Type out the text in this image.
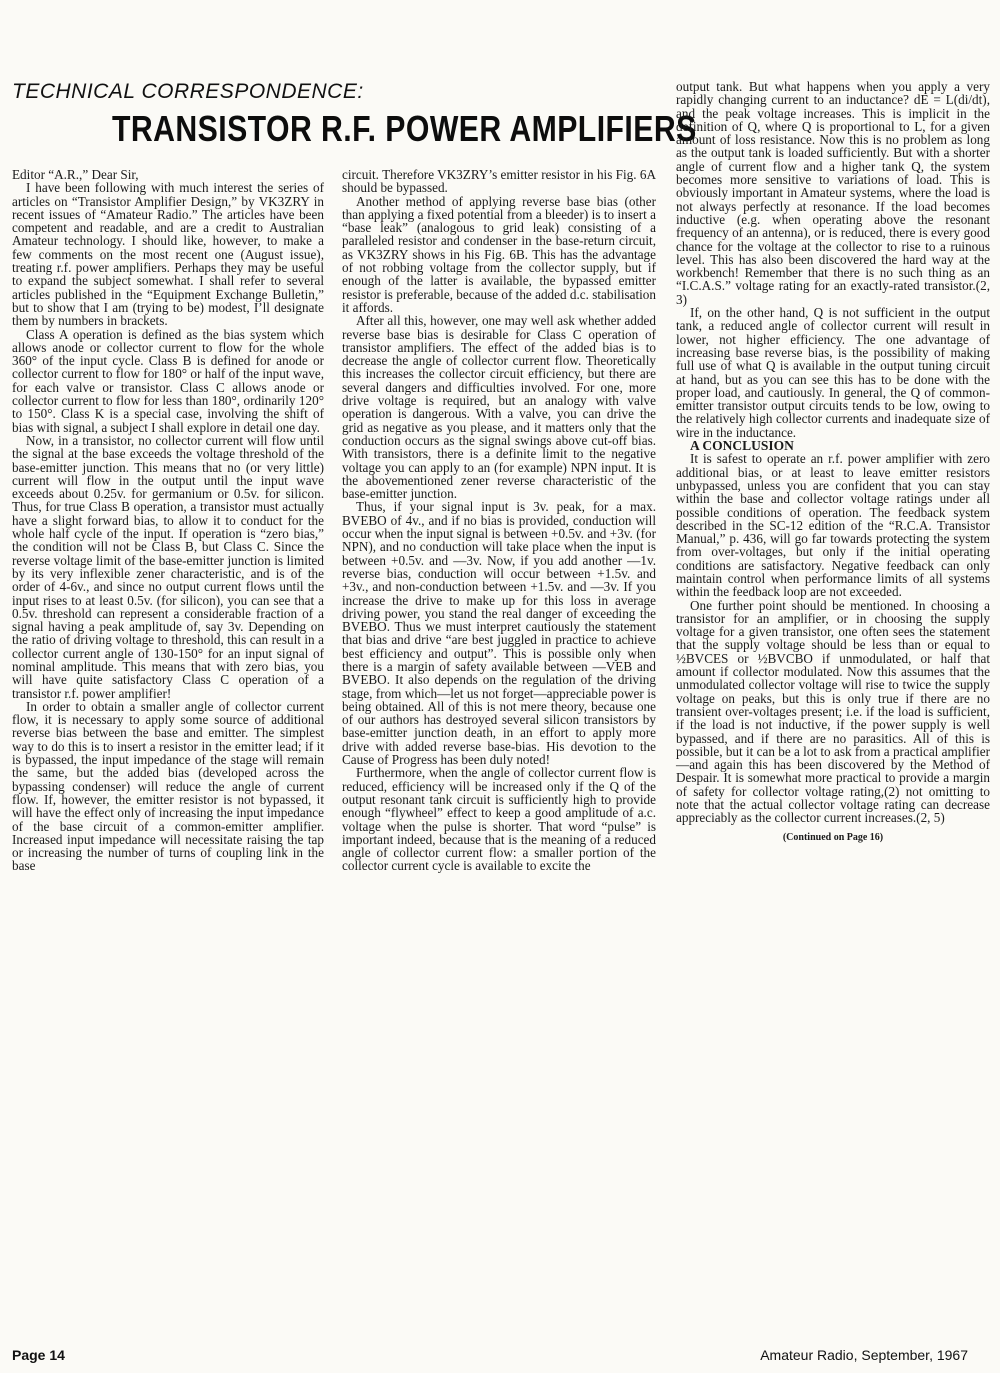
TECHNICAL CORRESPONDENCE:
TRANSISTOR R.F. POWER AMPLIFIERS

Editor “A.R.,” Dear Sir,

I have been following with much interest the series of articles on “Transistor Amplifier Design,” by VK3ZRY in recent issues of “Amateur Radio.” The articles have been competent and readable, and are a credit to Australian Amateur technology. I should like, however, to make a few comments on the most recent one (August issue), treating r.f. power amplifiers. Perhaps they may be useful to expand the subject somewhat. I shall refer to several articles published in the “Equipment Exchange Bulletin,” but to show that I am (trying to be) modest, I’ll designate them by numbers in brackets.

Class A operation is defined as the bias system which allows anode or collector current to flow for the whole 360° of the input cycle. Class B is defined for anode or collector current to flow for 180° or half of the input wave, for each valve or transistor. Class C allows anode or collector current to flow for less than 180°, ordinarily 120° to 150°. Class K is a special case, involving the shift of bias with signal, a subject I shall explore in detail one day.

Now, in a transistor, no collector current will flow until the signal at the base exceeds the voltage threshold of the base-emitter junction. This means that no (or very little) current will flow in the output until the input wave exceeds about 0.25v. for germanium or 0.5v. for silicon. Thus, for true Class B operation, a transistor must actually have a slight forward bias, to allow it to conduct for the whole half cycle of the input. If operation is “zero bias,” the condition will not be Class B, but Class C. Since the reverse voltage limit of the base-emitter junction is limited by its very inflexible zener characteristic, and is of the order of 4-6v., and since no output current flows until the input rises to at least 0.5v. (for silicon), you can see that a 0.5v. threshold can represent a considerable fraction of a signal having a peak amplitude of, say 3v. Depending on the ratio of driving voltage to threshold, this can result in a collector current angle of 130-150° for an input signal of nominal amplitude. This means that with zero bias, you will have quite satisfactory Class C operation of a transistor r.f. power amplifier!

In order to obtain a smaller angle of collector current flow, it is necessary to apply some source of additional reverse bias between the base and emitter. The simplest way to do this is to insert a resistor in the emitter lead; if it is bypassed, the input impedance of the stage will remain the same, but the added bias (developed across the bypassing condenser) will reduce the angle of current flow. If, however, the emitter resistor is not bypassed, it will have the effect only of increasing the input impedance of the base circuit of a common-emitter amplifier. Increased input impedance will necessitate raising the tap or increasing the number of turns of coupling link in the base

circuit. Therefore VK3ZRY’s emitter resistor in his Fig. 6A should be bypassed.

Another method of applying reverse base bias (other than applying a fixed potential from a bleeder) is to insert a “base leak” (analogous to grid leak) consisting of a paralleled resistor and condenser in the base-return circuit, as VK3ZRY shows in his Fig. 6B. This has the advantage of not robbing voltage from the collector supply, but if enough of the latter is available, the bypassed emitter resistor is preferable, because of the added d.c. stabilisation it affords.

After all this, however, one may well ask whether added reverse base bias is desirable for Class C operation of transistor amplifiers. The effect of the added bias is to decrease the angle of collector current flow. Theoretically this increases the collector circuit efficiency, but there are several dangers and difficulties involved. For one, more drive voltage is required, but an analogy with valve operation is dangerous. With a valve, you can drive the grid as negative as you please, and it matters only that the conduction occurs as the signal swings above cut-off bias. With transistors, there is a definite limit to the negative voltage you can apply to an (for example) NPN input. It is the abovementioned zener reverse characteristic of the base-emitter junction.

Thus, if your signal input is 3v. peak, for a max. BVEBO of 4v., and if no bias is provided, conduction will occur when the input signal is between +0.5v. and +3v. (for NPN), and no conduction will take place when the input is between +0.5v. and —3v. Now, if you add another —1v. reverse bias, conduction will occur between +1.5v. and +3v., and non-conduction between +1.5v. and —3v. If you increase the drive to make up for this loss in average driving power, you stand the real danger of exceeding the BVEBO. Thus we must interpret cautiously the statement that bias and drive “are best juggled in practice to achieve best efficiency and output”. This is possible only when there is a margin of safety available between —VEB and BVEBO. It also depends on the regulation of the driving stage, from which—let us not forget—appreciable power is being obtained. All of this is not mere theory, because one of our authors has destroyed several silicon transistors by base-emitter junction death, in an effort to apply more drive with added reverse base-bias. His devotion to the Cause of Progress has been duly noted!

Furthermore, when the angle of collector current flow is reduced, efficiency will be increased only if the Q of the output resonant tank circuit is sufficiently high to provide enough “flywheel” effect to keep a good amplitude of a.c. voltage when the pulse is shorter. That word “pulse” is important indeed, because that is the meaning of a reduced angle of collector current flow: a smaller portion of the collector current cycle is available to excite the

output tank. But what happens when you apply a very rapidly changing current to an inductance? dE = L(di/dt), and the peak voltage increases. This is implicit in the definition of Q, where Q is proportional to L, for a given amount of loss resistance. Now this is no problem as long as the output tank is loaded sufficiently. But with a shorter angle of current flow and a higher tank Q, the system becomes more sensitive to variations of load. This is obviously important in Amateur systems, where the load is not always perfectly at resonance. If the load becomes inductive (e.g. when operating above the resonant frequency of an antenna), or is reduced, there is every good chance for the voltage at the collector to rise to a ruinous level. This has also been discovered the hard way at the workbench! Remember that there is no such thing as an “I.C.A.S.” voltage rating for an exactly-rated transistor.(2, 3)

If, on the other hand, Q is not sufficient in the output tank, a reduced angle of collector current will result in lower, not higher efficiency. The one advantage of increasing base reverse bias, is the possibility of making full use of what Q is available in the output tuning circuit at hand, but as you can see this has to be done with the proper load, and cautiously. In general, the Q of common-emitter transistor output circuits tends to be low, owing to the relatively high collector currents and inadequate size of wire in the inductance.

A CONCLUSION

It is safest to operate an r.f. power amplifier with zero additional bias, or at least to leave emitter resistors unbypassed, unless you are confident that you can stay within the base and collector voltage ratings under all possible conditions of operation. The feedback system described in the SC-12 edition of the “R.C.A. Transistor Manual,” p. 436, will go far towards protecting the system from over-voltages, but only if the initial operating conditions are satisfactory. Negative feedback can only maintain control when performance limits of all systems within the feedback loop are not exceeded.

One further point should be mentioned. In choosing a transistor for an amplifier, or in choosing the supply voltage for a given transistor, one often sees the statement that the supply voltage should be less than or equal to ½BVCES or ½BVCBO if unmodulated, or half that amount if collector modulated. Now this assumes that the unmodulated collector voltage will rise to twice the supply voltage on peaks, but this is only true if there are no transient over-voltages present; i.e. if the load is sufficient, if the load is not inductive, if the power supply is well bypassed, and if there are no parasitics. All of this is possible, but it can be a lot to ask from a practical amplifier—and again this has been discovered by the Method of Despair. It is somewhat more practical to provide a margin of safety for collector voltage rating,(2) not omitting to note that the actual collector voltage rating can decrease appreciably as the collector current increases.(2, 5)

(Continued on Page 16)
Page 14	Amateur Radio, September, 1967
